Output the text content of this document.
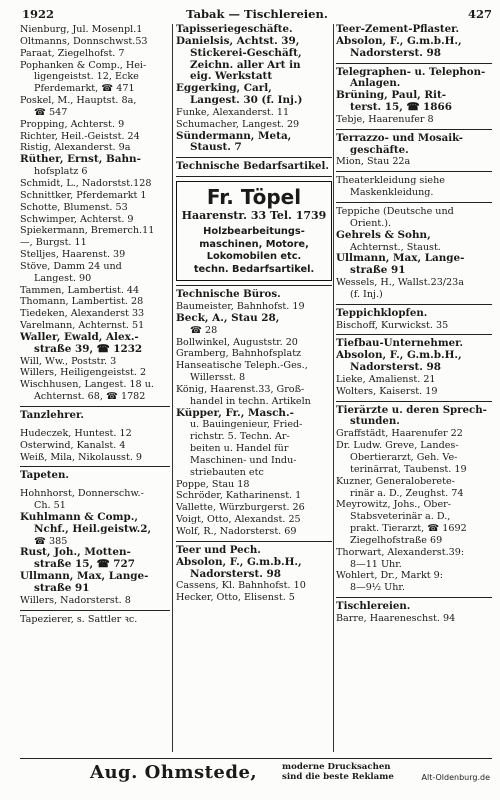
1922	Tabak — Tischlereien.	427
Nienburg, Jul. Mosenpl.1
Oltmanns, Donnschwst.53
Paraat, Ziegelhofst. 7
Pophanken & Comp., Hei-
ligengeistst. 12, Ecke
Pferdemarkt, ☎ 471
Poskel, M., Hauptst. 8a,
☎ 547
Propping, Achterst. 9
Richter, Heil.-Geistst. 24
Ristig, Alexanderst. 9a
Rüther, Ernst, Bahn-
hofsplatz 6
Schmidt, L., Nadorstst.128
Schnittker, Pferdemarkt 1
Schotte, Blumenst. 53
Schwimper, Achterst. 9
Spiekermann, Bremerch.11
—, Burgst. 11
Stelljes, Haarenst. 39
Stöve, Damm 24 und
Langest. 90
Tammen, Lambertist. 44
Thomann, Lambertist. 28
Tiedeken, Alexanderst 33
Varelmann, Achternst. 51
Waller, Ewald, Alex.-
straße 39, ☎ 1232
Will, Ww., Poststr. 3
Willers, Heiligengeistst. 2
Wischhusen, Langest. 18 u.
Achternst. 68, ☎ 1782
Tanzlehrer.
Hudeczek, Huntest. 12
Osterwind, Kanalst. 4
Weiß, Mila, Nikolausst. 9
Tapeten.
Hohnhorst, Donnerschw.-
Ch. 51
Kuhlmann & Comp.,
Nchf., Heil.geistw.2,
☎ 385
Rust, Joh., Motten-
straße 15, ☎ 727
Ullmann, Max, Lange-
straße 91
Willers, Nadorsterst. 8
Tapezierer, s. Sattler ꝛc.
Tapisseriegeschäfte.
Danielsis, Achtst. 39,
Stickerei-Geschäft,
Zeichn. aller Art in
eig. Werkstatt
Eggerking, Carl,
Langest. 30 (f. Inj.)
Funke, Alexanderst. 11
Schumacher, Langest. 29
Sündermann, Meta,
Staust. 7
Technische Bedarfsartikel.
Fr. Töpel
Haarenstr. 33 Tel. 1739
Holzbearbeitungs-
maschinen, Motore,
Lokomobilen etc.
techn. Bedarfsartikel.
Technische Büros.
Baumeister, Bahnhofst. 19
Beck, A., Stau 28,
☎ 28
Bollwinkel, Auguststr. 20
Gramberg, Bahnhofsplatz
Hanseatische Teleph.-Ges.,
Willersst. 8
König, Haarenst.33, Groß-
handel in techn. Artikeln
Küpper, Fr., Masch.-
u. Bauingenieur, Fried-
richstr. 5. Techn. Ar-
beiten u. Handel für
Maschinen- und Indu-
striebauten etc
Poppe, Stau 18
Schröder, Katharinenst. 1
Vallette, Würzburgerst. 26
Voigt, Otto, Alexandst. 25
Wolf, R., Nadorsterst. 69
Teer und Pech.
Absolon, F., G.m.b.H.,
Nadorsterst. 98
Cassens, Kl. Bahnhofst. 10
Hecker, Otto, Elisenst. 5
Teer-Zement-Pflaster.
Absolon, F., G.m.b.H.,
Nadorsterst. 98
Telegraphen- u. Telephon-
Anlagen.
Brüning, Paul, Rit-
terst. 15, ☎ 1866
Tebje, Haarenufer 8
Terrazzo- und Mosaik-
geschäfte.
Mion, Stau 22a
Theaterkleidung siehe
Maskenkleidung.
Teppiche (Deutsche und
Orient.).
Gehrels & Sohn,
Achternst., Staust.
Ullmann, Max, Lange-
straße 91
Wessels, H., Wallst.23/23a
(f. Inj.)
Teppichklopfen.
Bischoff, Kurwickst. 35
Tiefbau-Unternehmer.
Absolon, F., G.m.b.H.,
Nadorsterst. 98
Lieke, Amalienst. 21
Wolters, Kaiserst. 19
Tierärzte u. deren Sprech-
stunden.
Graffstädt, Haarenufer 22
Dr. Ludw. Greve, Landes-
Obertierarzt, Geh. Ve-
terinärrat, Taubenst. 19
Kuzner, Generaloberete-
rinär a. D., Zeughst. 74
Meyrowitz, Johs., Ober-
Stabsveterinär a. D.,
prakt. Tierarzt, ☎ 1692
Ziegelhofstraße 69
Thorwart, Alexanderst.39:
8—11 Uhr.
Wohlert, Dr., Markt 9:
8—9½ Uhr.
Tischlereien.
Barre, Haareneschst. 94
Aug. Ohmstede,	moderne Drucksachen
sind die beste Reklame	Alt-Oldenburg.de
